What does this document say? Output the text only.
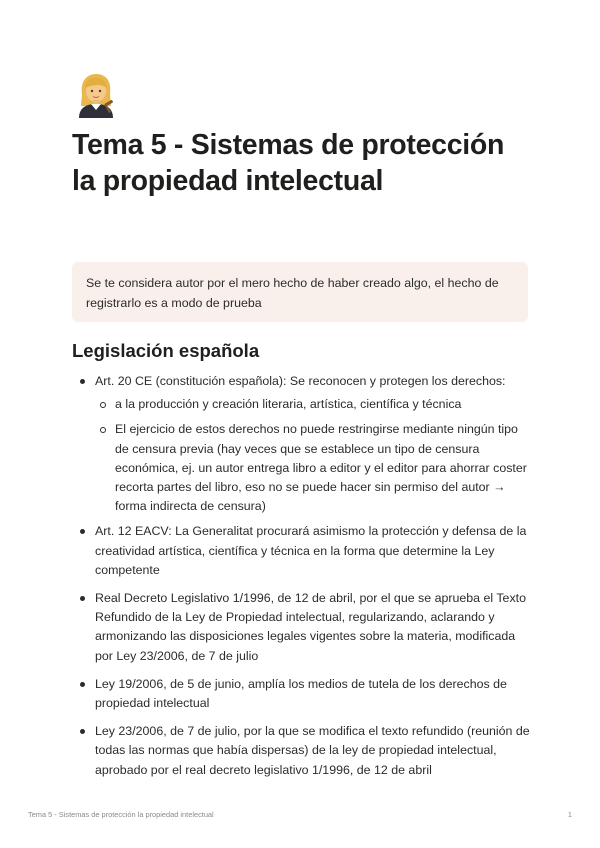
Tema 5 - Sistemas de protección la propiedad intelectual
Se te considera autor por el mero hecho de haber creado algo, el hecho de registrarlo es a modo de prueba
Legislación española
Art. 20 CE (constitución española): Se reconocen y protegen los derechos:
a la producción y creación literaria, artística, científica y técnica
El ejercicio de estos derechos no puede restringirse mediante ningún tipo de censura previa (hay veces que se establece un tipo de censura económica, ej. un autor entrega libro a editor y el editor para ahorrar coster recorta partes del libro, eso no se puede hacer sin permiso del autor → forma indirecta de censura)
Art. 12 EACV: La Generalitat procurará asimismo la protección y defensa de la creatividad artística, científica y técnica en la forma que determine la Ley competente
Real Decreto Legislativo 1/1996, de 12 de abril, por el que se aprueba el Texto Refundido de la Ley de Propiedad intelectual, regularizando, aclarando y armonizando las disposiciones legales vigentes sobre la materia, modificada por Ley 23/2006, de 7 de julio
Ley 19/2006, de 5 de junio, amplía los medios de tutela de los derechos de propiedad intelectual
Ley 23/2006, de 7 de julio, por la que se modifica el texto refundido (reunión de todas las normas que había dispersas) de la ley de propiedad intelectual, aprobado por el real decreto legislativo 1/1996, de 12 de abril
Tema 5 - Sistemas de protección la propiedad intelectual	1
